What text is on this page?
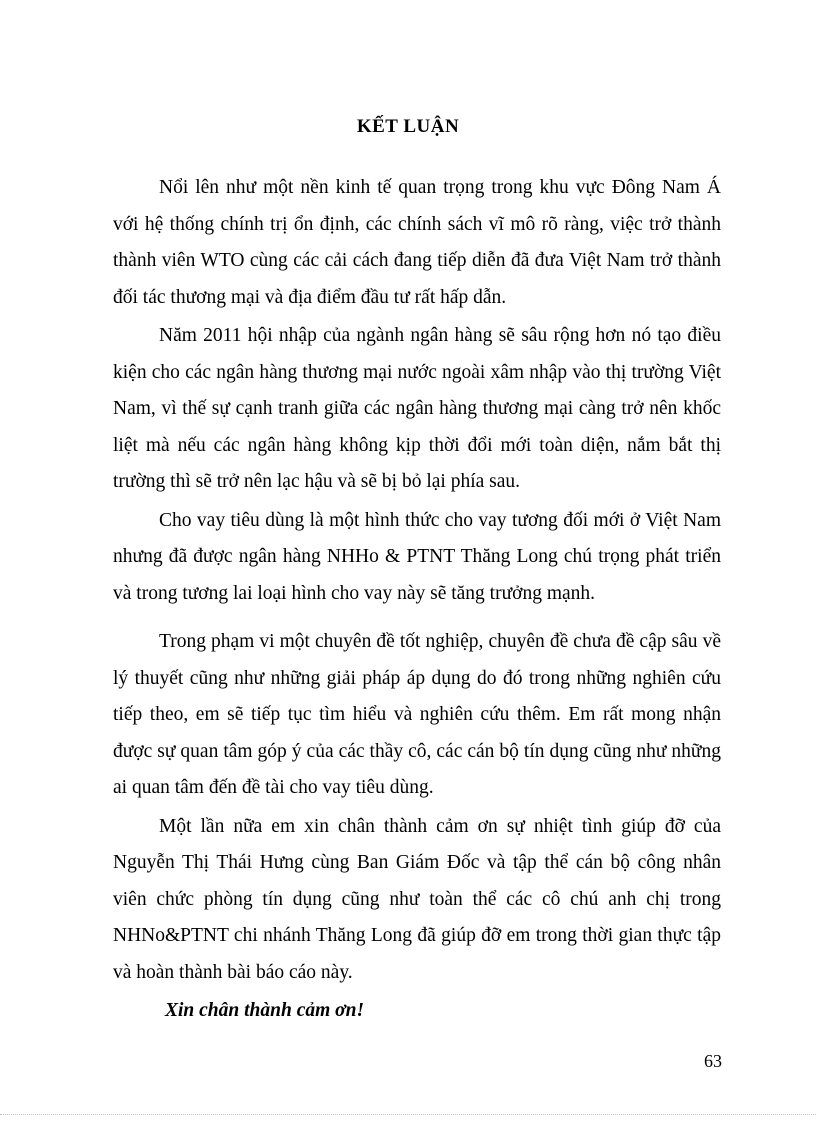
KẾT LUẬN

Nổi lên như một nền kinh tế quan trọng trong khu vực Đông Nam Á với hệ thống chính trị ổn định, các chính sách vĩ mô rõ ràng, việc trở thành thành viên WTO cùng các cải cách đang tiếp diễn đã đưa Việt Nam trở thành đối tác thương mại và địa điểm đầu tư rất hấp dẫn.

Năm 2011 hội nhập của ngành ngân hàng sẽ sâu rộng hơn nó tạo điều kiện cho các ngân hàng thương mại nước ngoài xâm nhập vào thị trường Việt Nam, vì thế sự cạnh tranh giữa các ngân hàng thương mại càng trở nên khốc liệt mà nếu các ngân hàng không kịp thời đổi mới toàn diện, nắm bắt thị trường thì sẽ trở nên lạc hậu và sẽ bị bỏ lại phía sau.

Cho vay tiêu dùng là một hình thức cho vay tương đối mới ở Việt Nam nhưng đã được ngân hàng NHHo & PTNT Thăng Long chú trọng phát triển và trong tương lai loại hình cho vay này sẽ tăng trưởng mạnh.

Trong phạm vi một chuyên đề tốt nghiệp, chuyên đề chưa đề cập sâu về lý thuyết cũng như những giải pháp áp dụng do đó trong những nghiên cứu tiếp theo, em sẽ tiếp tục tìm hiểu và nghiên cứu thêm. Em rất mong nhận được sự quan tâm góp ý của các thầy cô, các cán bộ tín dụng cũng như những ai quan tâm đến đề tài cho vay tiêu dùng.

Một lần nữa em xin chân thành cảm ơn sự nhiệt tình giúp đỡ của Nguyễn Thị Thái Hưng cùng Ban Giám Đốc và tập thể cán bộ công nhân viên chức phòng tín dụng cũng như toàn thể các cô chú anh chị trong NHNo&PTNT chi nhánh Thăng Long đã giúp đỡ em trong thời gian thực tập và hoàn thành bài báo cáo này.

Xin chân thành cảm ơn!

63
